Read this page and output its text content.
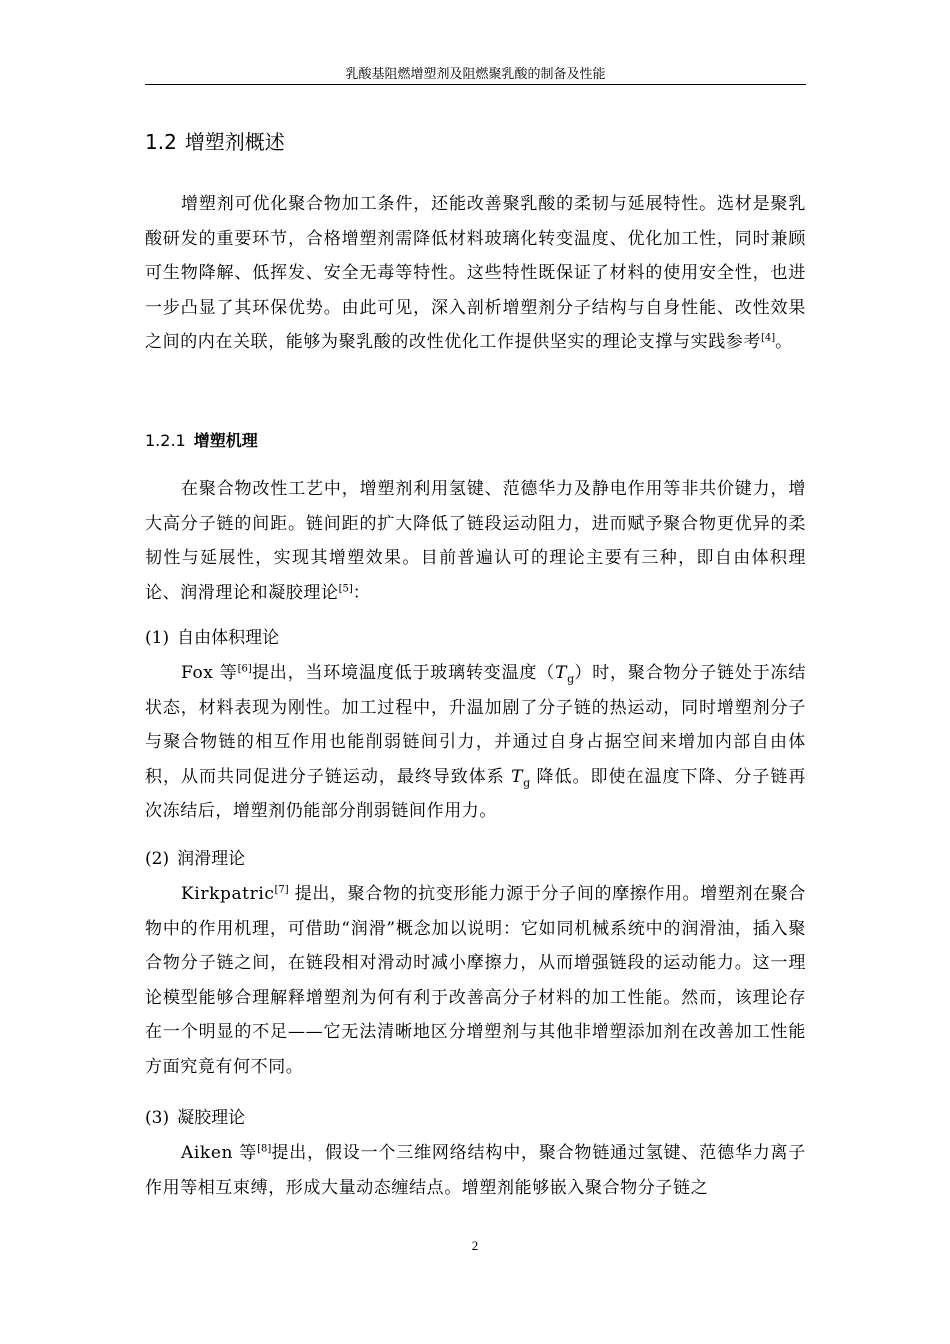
乳酸基阻燃增塑剂及阻燃聚乳酸的制备及性能
1.2 增塑剂概述

增塑剂可优化聚合物加工条件，还能改善聚乳酸的柔韧与延展特性。选材是聚乳酸研发的重要环节，合格增塑剂需降低材料玻璃化转变温度、优化加工性，同时兼顾可生物降解、低挥发、安全无毒等特性。这些特性既保证了材料的使用安全性，也进一步凸显了其环保优势。由此可见，深入剖析增塑剂分子结构与自身性能、改性效果之间的内在关联，能够为聚乳酸的改性优化工作提供坚实的理论支撑与实践参考[4]。

1.2.1 增塑机理

在聚合物改性工艺中，增塑剂利用氢键、范德华力及静电作用等非共价键力，增大高分子链的间距。链间距的扩大降低了链段运动阻力，进而赋予聚合物更优异的柔韧性与延展性，实现其增塑效果。目前普遍认可的理论主要有三种，即自由体积理论、润滑理论和凝胶理论[5]：

(1) 自由体积理论

Fox 等[6]提出，当环境温度低于玻璃转变温度$(T_g)$时，聚合物分子链处于冻结状态，材料表现为刚性。加工过程中，升温加剧了分子链的热运动，同时增塑剂分子与聚合物链的相互作用也能削弱链间引力，并通过自身占据空间来增加内部自由体积，从而共同促进分子链运动，最终导致体系 $T_g$ 降低。即使在温度下降、分子链再次冻结后，增塑剂仍能部分削弱链间作用力。

(2) 润滑理论

Kirkpatric[7] 提出，聚合物的抗变形能力源于分子间的摩擦作用。增塑剂在聚合物中的作用机理，可借助“润滑”概念加以说明：它如同机械系统中的润滑油，插入聚合物分子链之间，在链段相对滑动时减小摩擦力，从而增强链段的运动能力。这一理论模型能够合理解释增塑剂为何有利于改善高分子材料的加工性能。然而，该理论存在一个明显的不足——它无法清晰地区分增塑剂与其他非增塑添加剂在改善加工性能方面究竟有何不同。

(3) 凝胶理论

Aiken 等[8]提出，假设一个三维网络结构中，聚合物链通过氢键、范德华力离子作用等相互束缚，形成大量动态缠结点。增塑剂能够嵌入聚合物分子链之

2
